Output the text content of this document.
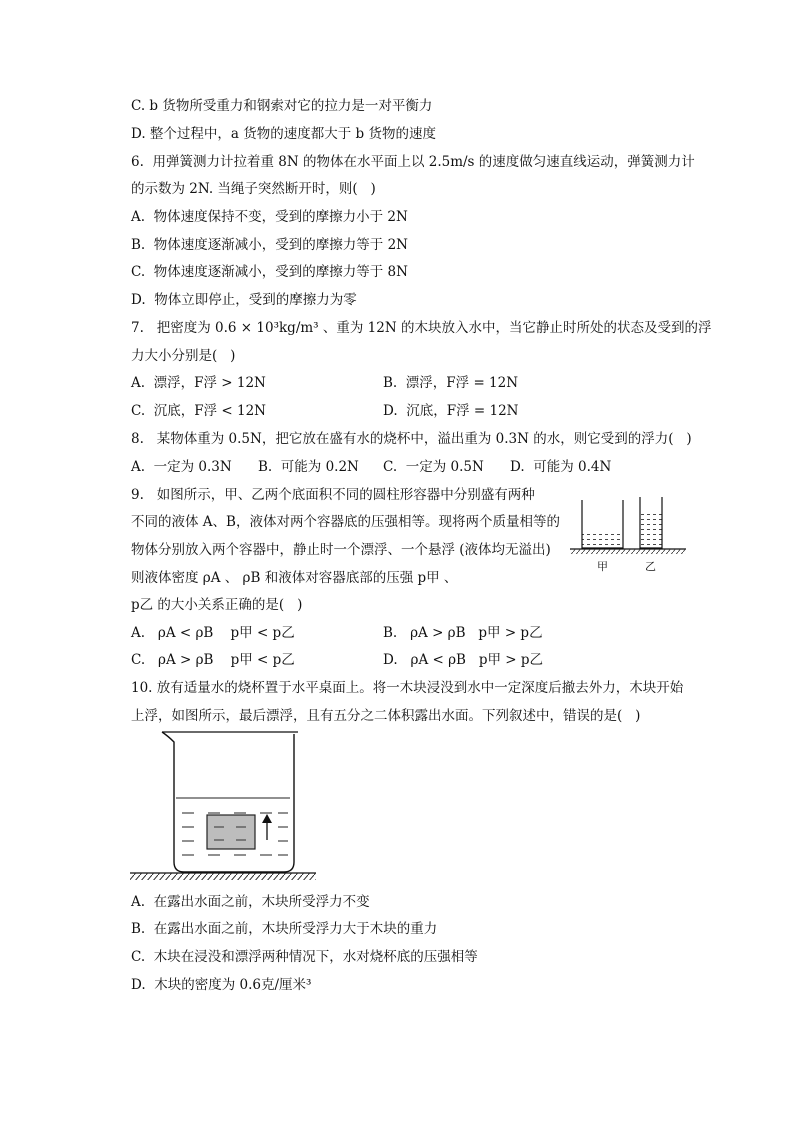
C. b 货物所受重力和钢索对它的拉力是一对平衡力
D. 整个过程中，a 货物的速度都大于 b 货物的速度
6.  用弹簧测力计拉着重 8N 的物体在水平面上以 2.5m/s 的速度做匀速直线运动，弹簧测力计
的示数为 2N. 当绳子突然断开时，则(   )
A.  物体速度保持不变，受到的摩擦力小于 2N
B.  物体速度逐渐减小，受到的摩擦力等于 2N
C.  物体速度逐渐减小，受到的摩擦力等于 8N
D.  物体立即停止，受到的摩擦力为零
7.   把密度为 0.6 × 10³kg/m³ 、重为 12N 的木块放入水中，当它静止时所处的状态及受到的浮
力大小分别是(   )
A.  漂浮，F浮 > 12N	B.  漂浮，F浮 = 12N
C.  沉底，F浮 < 12N	D.  沉底，F浮 = 12N
8.   某物体重为 0.5N，把它放在盛有水的烧杯中，溢出重为 0.3N 的水，则它受到的浮力(   )
A.  一定为 0.3N B.  可能为 0.2N C.  一定为 0.5N D.  可能为 0.4N
9.   如图所示，甲、乙两个底面积不同的圆柱形容器中分别盛有两种
不同的液体 A、B，液体对两个容器底的压强相等。现将两个质量相等的
物体分别放入两个容器中，静止时一个漂浮、一个悬浮 (液体均无溢出)
则液体密度 ρA 、 ρB 和液体对容器底部的压强 p甲 、
p乙 的大小关系正确的是(   )
甲	乙
A.   ρA < ρB    p甲 < p乙	B.   ρA > ρB   p甲 > p乙
C.   ρA > ρB    p甲 < p乙	D.   ρA < ρB   p甲 > p乙
10. 放有适量水的烧杯置于水平桌面上。将一木块浸没到水中一定深度后撤去外力，木块开始
上浮，如图所示，最后漂浮，且有五分之二体积露出水面。下列叙述中，错误的是(   )
A.  在露出水面之前，木块所受浮力不变
B.  在露出水面之前，木块所受浮力大于木块的重力
C.  木块在浸没和漂浮两种情况下，水对烧杯底的压强相等
D.  木块的密度为 0.6克/厘米³
